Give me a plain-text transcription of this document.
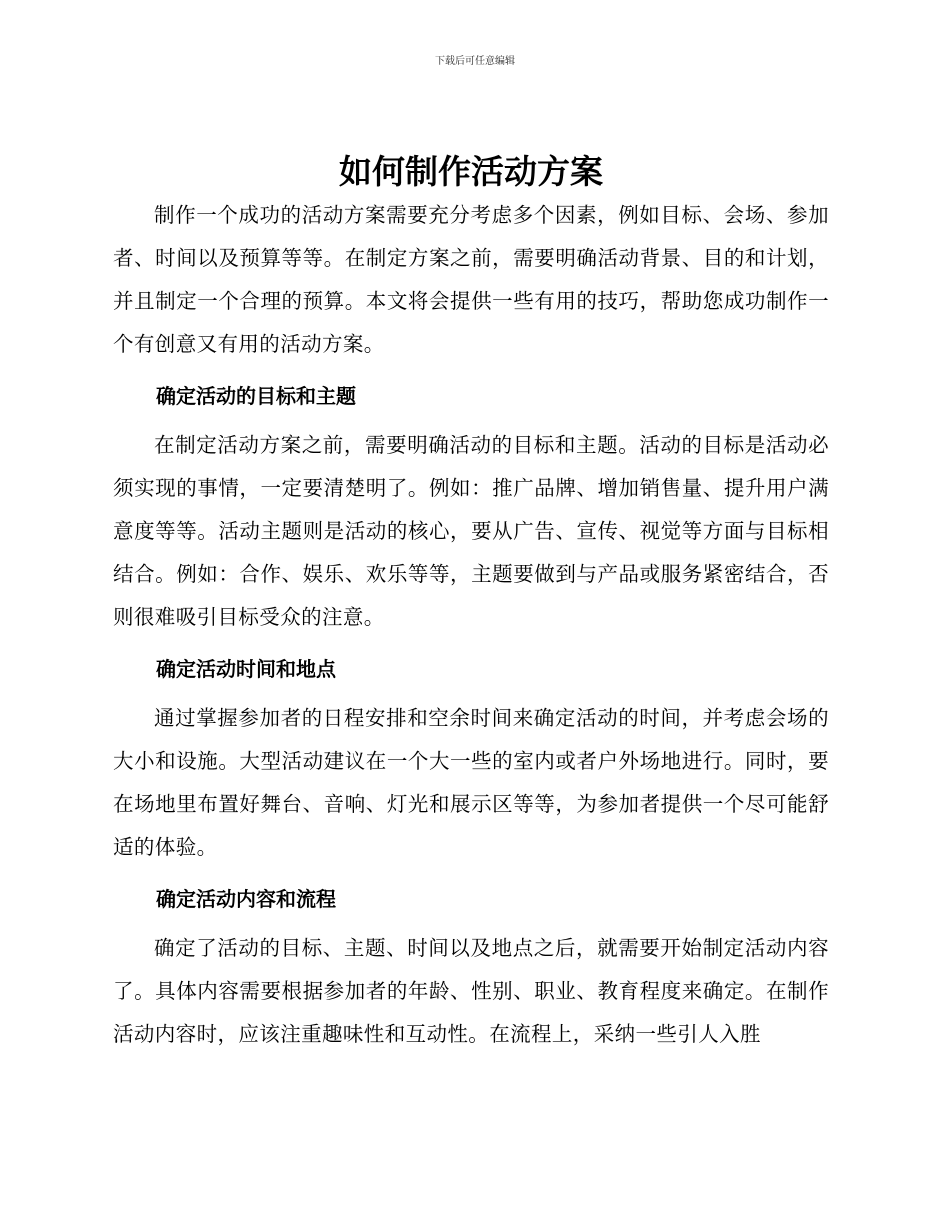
下载后可任意编辑
如何制作活动方案

制作一个成功的活动方案需要充分考虑多个因素，例如目标、会场、参加者、时间以及预算等等。在制定方案之前，需要明确活动背景、目的和计划，并且制定一个合理的预算。本文将会提供一些有用的技巧，帮助您成功制作一个有创意又有用的活动方案。

确定活动的目标和主题

在制定活动方案之前，需要明确活动的目标和主题。活动的目标是活动必须实现的事情，一定要清楚明了。例如：推广品牌、增加销售量、提升用户满意度等等。活动主题则是活动的核心，要从广告、宣传、视觉等方面与目标相结合。例如：合作、娱乐、欢乐等等，主题要做到与产品或服务紧密结合，否则很难吸引目标受众的注意。

确定活动时间和地点

通过掌握参加者的日程安排和空余时间来确定活动的时间，并考虑会场的大小和设施。大型活动建议在一个大一些的室内或者户外场地进行。同时，要在场地里布置好舞台、音响、灯光和展示区等等，为参加者提供一个尽可能舒适的体验。

确定活动内容和流程

确定了活动的目标、主题、时间以及地点之后，就需要开始制定活动内容了。具体内容需要根据参加者的年龄、性别、职业、教育程度来确定。在制作活动内容时，应该注重趣味性和互动性。在流程上，采纳一些引人入胜
